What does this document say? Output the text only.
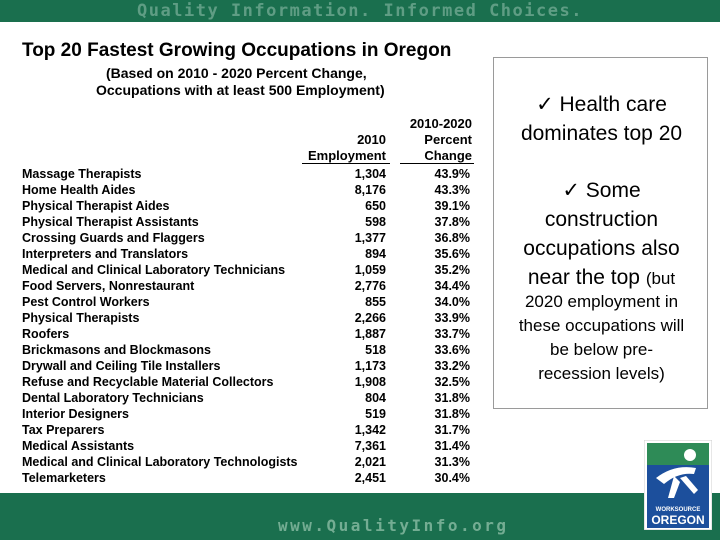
Quality Information. Informed Choices.
Top 20 Fastest Growing Occupations in Oregon
(Based on 2010 - 2020 Percent Change,
Occupations with at least 500 Employment)
2010
Employment
2010-2020
Percent
Change
Massage Therapists	1,304	43.9%
Home Health Aides	8,176	43.3%
Physical Therapist Aides	650	39.1%
Physical Therapist Assistants	598	37.8%
Crossing Guards and Flaggers	1,377	36.8%
Interpreters and Translators	894	35.6%
Medical and Clinical Laboratory Technicians	1,059	35.2%
Food Servers, Nonrestaurant	2,776	34.4%
Pest Control Workers	855	34.0%
Physical Therapists	2,266	33.9%
Roofers	1,887	33.7%
Brickmasons and Blockmasons	518	33.6%
Drywall and Ceiling Tile Installers	1,173	33.2%
Refuse and Recyclable Material Collectors	1,908	32.5%
Dental Laboratory Technicians	804	31.8%
Interior Designers	519	31.8%
Tax Preparers	1,342	31.7%
Medical Assistants	7,361	31.4%
Medical and Clinical Laboratory Technologists	2,021	31.3%
Telemarketers	2,451	30.4%
✓ Health care
dominates top 20
✓ Some
construction
occupations also
near the top (but
2020 employment in
these occupations will
be below pre-
recession levels)
www.QualityInfo.org
WORKSOURCE
OREGON
